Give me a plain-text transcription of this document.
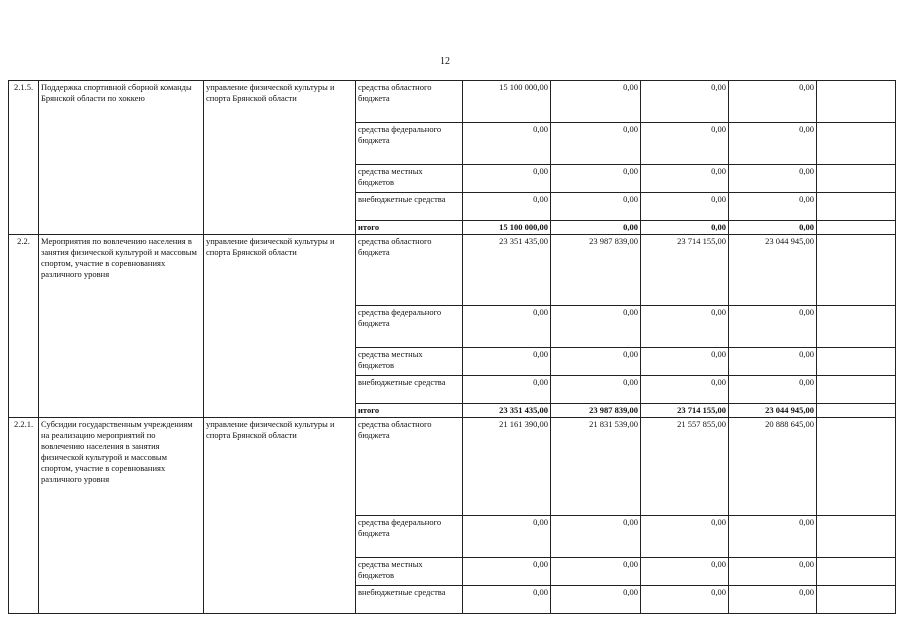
12
2.1.5.	Поддержка спортивной сборной команды Брянской области по хоккею	управление физической культуры и спорта Брянской области	средства областного бюджета	15 100 000,00	0,00	0,00	0,00	
			средства федерального бюджета	0,00	0,00	0,00	0,00	
			средства местных бюджетов	0,00	0,00	0,00	0,00	
			внебюджетные средства	0,00	0,00	0,00	0,00	
			итого	15 100 000,00	0,00	0,00	0,00	
2.2.	Мероприятия по вовлечению населения в занятия физической культурой и массовым спортом, участие в соревнованиях различного уровня	управление физической культуры и спорта Брянской области	средства областного бюджета	23 351 435,00	23 987 839,00	23 714 155,00	23 044 945,00	
			средства федерального бюджета	0,00	0,00	0,00	0,00	
			средства местных бюджетов	0,00	0,00	0,00	0,00	
			внебюджетные средства	0,00	0,00	0,00	0,00	
			итого	23 351 435,00	23 987 839,00	23 714 155,00	23 044 945,00	
2.2.1.	Субсидии государственным учреждениям на реализацию мероприятий по вовлечению населения в занятия физической культурой и массовым спортом, участие в соревнованиях различного уровня	управление физической культуры и спорта Брянской области	средства областного бюджета	21 161 390,00	21 831 539,00	21 557 855,00	20 888 645,00	
			средства федерального бюджета	0,00	0,00	0,00	0,00	
			средства местных бюджетов	0,00	0,00	0,00	0,00	
			внебюджетные средства	0,00	0,00	0,00	0,00	
